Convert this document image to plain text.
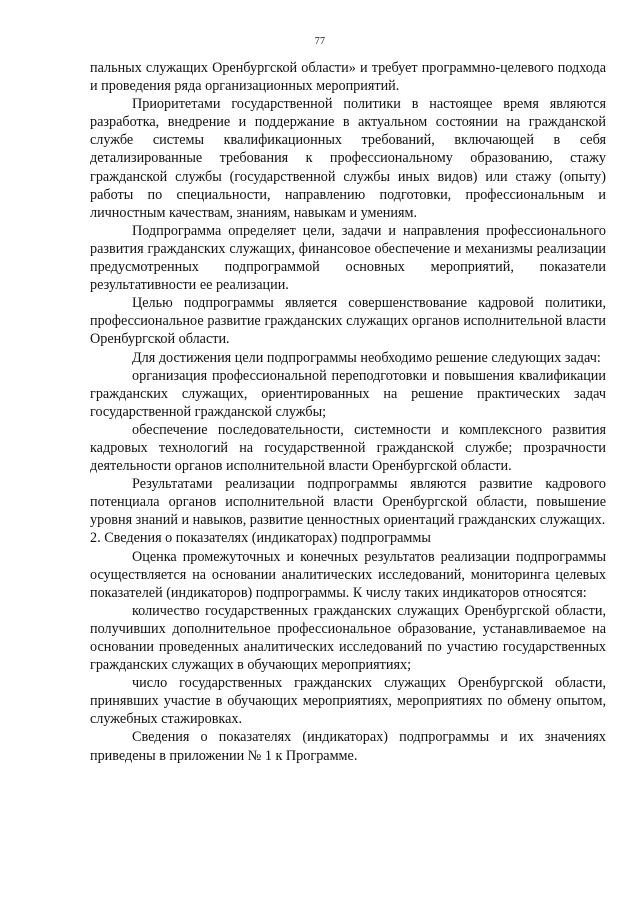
77

пальных служащих Оренбургской области» и требует программно-целевого подхода и проведения ряда организационных мероприятий.

Приоритетами государственной политики в настоящее время являются разработка, внедрение и поддержание в актуальном состоянии на гражданской службе системы квалификационных требований, включающей в себя детализированные требования к профессиональному образованию, стажу гражданской службы (государственной службы иных видов) или стажу (опыту) работы по специальности, направлению подготовки, профессиональным и личностным качествам, знаниям, навыкам и умениям.

Подпрограмма определяет цели, задачи и направления профессионального развития гражданских служащих, финансовое обеспечение и механизмы реализации предусмотренных подпрограммой основных мероприятий, показатели результативности ее реализации.

Целью подпрограммы является совершенствование кадровой политики, профессиональное развитие гражданских служащих органов исполнительной власти Оренбургской области.

Для достижения цели подпрограммы необходимо решение следующих задач:

организация профессиональной переподготовки и повышения квалификации гражданских служащих, ориентированных на решение практических задач государственной гражданской службы;

обеспечение последовательности, системности и комплексного развития кадровых технологий на государственной гражданской службе; прозрачности деятельности органов исполнительной власти Оренбургской области.

Результатами реализации подпрограммы являются развитие кадрового потенциала органов исполнительной власти Оренбургской области, повышение уровня знаний и навыков, развитие ценностных ориентаций гражданских служащих.

2. Сведения о показателях (индикаторах) подпрограммы

Оценка промежуточных и конечных результатов реализации подпрограммы осуществляется на основании аналитических исследований, мониторинга целевых показателей (индикаторов) подпрограммы. К числу таких индикаторов относятся:

количество государственных гражданских служащих Оренбургской области, получивших дополнительное профессиональное образование, устанавливаемое на основании проведенных аналитических исследований по участию государственных гражданских служащих в обучающих мероприятиях;

число государственных гражданских служащих Оренбургской области, принявших участие в обучающих мероприятиях, мероприятиях по обмену опытом, служебных стажировках.

Сведения о показателях (индикаторах) подпрограммы и их значениях приведены в приложении № 1 к Программе.
